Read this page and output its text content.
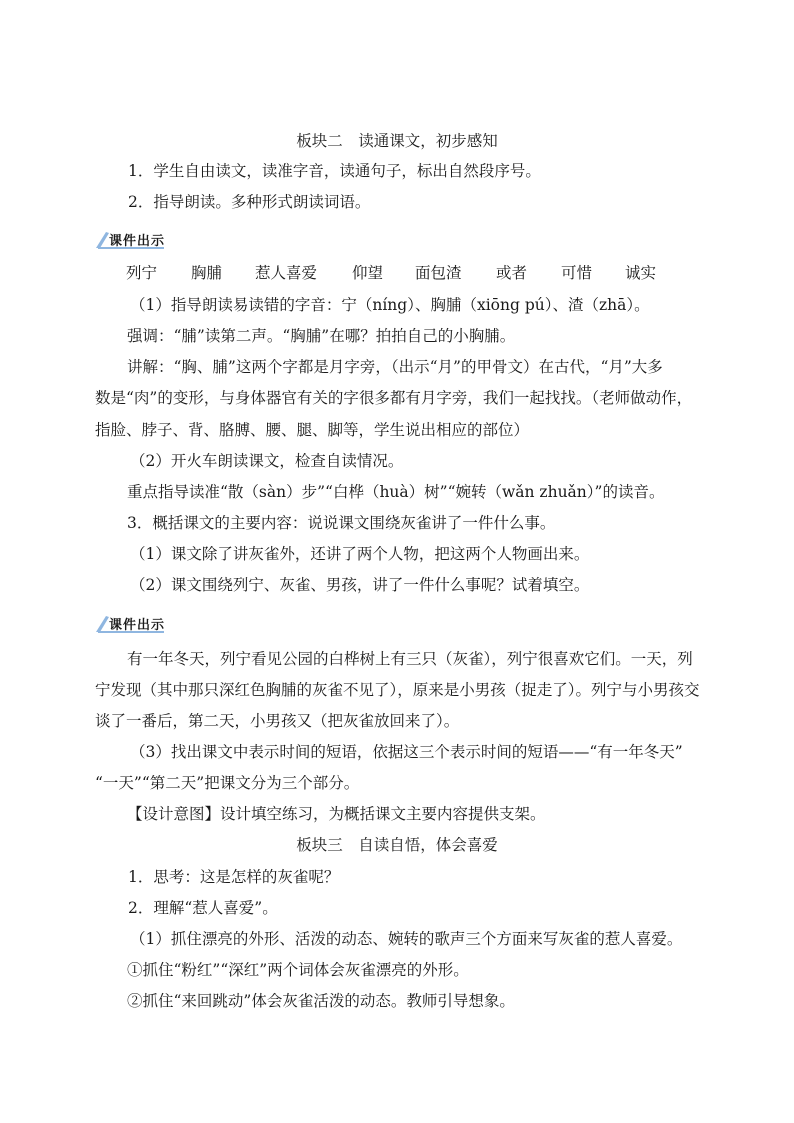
板块二　读通课文，初步感知
1．学生自由读文，读准字音，读通句子，标出自然段序号。
2．指导朗读。多种形式朗读词语。
课件出示
列宁 胸脯 惹人喜爱 仰望 面包渣 或者 可惜 诚实
（1）指导朗读易读错的字音：宁（níng）、胸脯（xiōng pú）、渣（zhā）。
强调：“脯”读第二声。“胸脯”在哪？拍拍自己的小胸脯。
讲解：“胸、脯”这两个字都是月字旁，（出示“月”的甲骨文）在古代，“月”大多
数是“肉”的变形，与身体器官有关的字很多都有月字旁，我们一起找找。（老师做动作，
指脸、脖子、背、胳膊、腰、腿、脚等，学生说出相应的部位）
（2）开火车朗读课文，检查自读情况。
重点指导读准“散（sàn）步”“白桦（huà）树”“婉转（wǎn zhuǎn）”的读音。
3．概括课文的主要内容：说说课文围绕灰雀讲了一件什么事。
（1）课文除了讲灰雀外，还讲了两个人物，把这两个人物画出来。
（2）课文围绕列宁、灰雀、男孩，讲了一件什么事呢？试着填空。
课件出示
有一年冬天，列宁看见公园的白桦树上有三只（灰雀），列宁很喜欢它们。一天，列
宁发现（其中那只深红色胸脯的灰雀不见了），原来是小男孩（捉走了）。列宁与小男孩交
谈了一番后，第二天，小男孩又（把灰雀放回来了）。
（3）找出课文中表示时间的短语，依据这三个表示时间的短语——“有一年冬天”
“一天”“第二天”把课文分为三个部分。
【设计意图】设计填空练习，为概括课文主要内容提供支架。
板块三　自读自悟，体会喜爱
1．思考：这是怎样的灰雀呢？
2．理解“惹人喜爱”。
（1）抓住漂亮的外形、活泼的动态、婉转的歌声三个方面来写灰雀的惹人喜爱。
①抓住“粉红”“深红”两个词体会灰雀漂亮的外形。
②抓住“来回跳动”体会灰雀活泼的动态。教师引导想象。
